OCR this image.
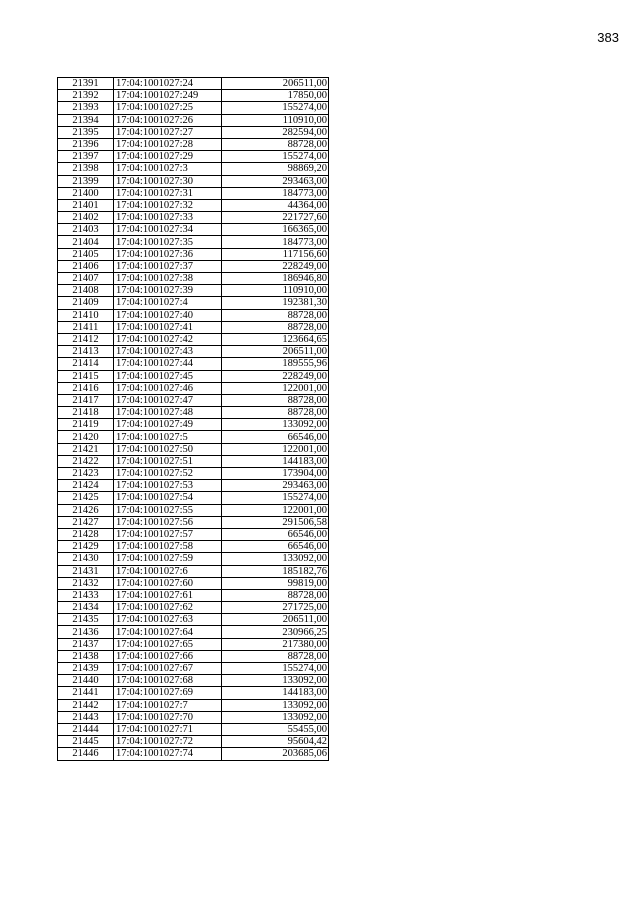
383
21391	17:04:1001027:24	206511,00
21392	17:04:1001027:249	17850,00
21393	17:04:1001027:25	155274,00
21394	17:04:1001027:26	110910,00
21395	17:04:1001027:27	282594,00
21396	17:04:1001027:28	88728,00
21397	17:04:1001027:29	155274,00
21398	17:04:1001027:3	98869,20
21399	17:04:1001027:30	293463,00
21400	17:04:1001027:31	184773,00
21401	17:04:1001027:32	44364,00
21402	17:04:1001027:33	221727,60
21403	17:04:1001027:34	166365,00
21404	17:04:1001027:35	184773,00
21405	17:04:1001027:36	117156,60
21406	17:04:1001027:37	228249,00
21407	17:04:1001027:38	186946,80
21408	17:04:1001027:39	110910,00
21409	17:04:1001027:4	192381,30
21410	17:04:1001027:40	88728,00
21411	17:04:1001027:41	88728,00
21412	17:04:1001027:42	123664,65
21413	17:04:1001027:43	206511,00
21414	17:04:1001027:44	189555,96
21415	17:04:1001027:45	228249,00
21416	17:04:1001027:46	122001,00
21417	17:04:1001027:47	88728,00
21418	17:04:1001027:48	88728,00
21419	17:04:1001027:49	133092,00
21420	17:04:1001027:5	66546,00
21421	17:04:1001027:50	122001,00
21422	17:04:1001027:51	144183,00
21423	17:04:1001027:52	173904,00
21424	17:04:1001027:53	293463,00
21425	17:04:1001027:54	155274,00
21426	17:04:1001027:55	122001,00
21427	17:04:1001027:56	291506,58
21428	17:04:1001027:57	66546,00
21429	17:04:1001027:58	66546,00
21430	17:04:1001027:59	133092,00
21431	17:04:1001027:6	185182,76
21432	17:04:1001027:60	99819,00
21433	17:04:1001027:61	88728,00
21434	17:04:1001027:62	271725,00
21435	17:04:1001027:63	206511,00
21436	17:04:1001027:64	230966,25
21437	17:04:1001027:65	217380,00
21438	17:04:1001027:66	88728,00
21439	17:04:1001027:67	155274,00
21440	17:04:1001027:68	133092,00
21441	17:04:1001027:69	144183,00
21442	17:04:1001027:7	133092,00
21443	17:04:1001027:70	133092,00
21444	17:04:1001027:71	55455,00
21445	17:04:1001027:72	95604,42
21446	17:04:1001027:74	203685,06
